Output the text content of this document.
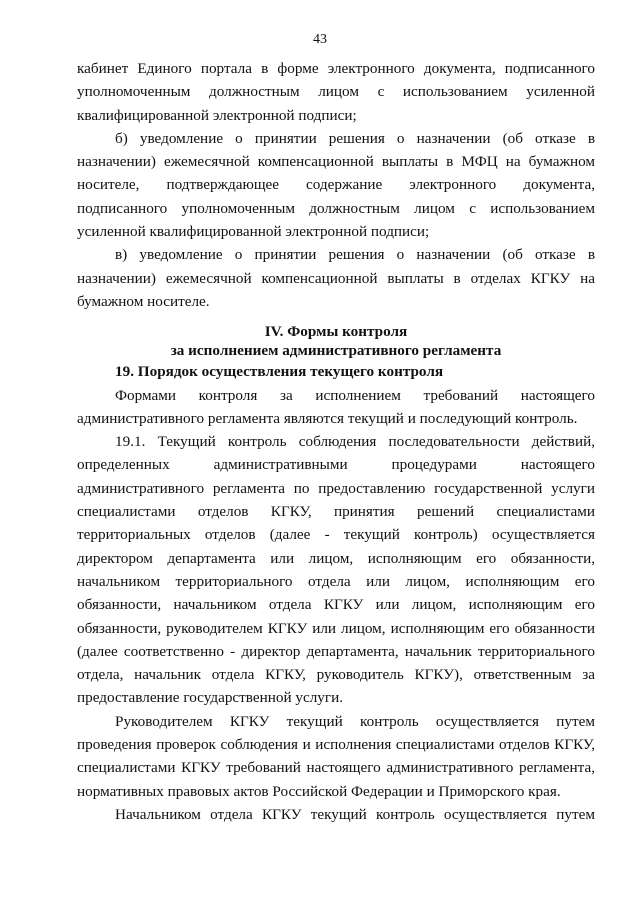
43

кабинет Единого портала в форме электронного документа, подписанного уполномоченным должностным лицом с использованием усиленной квалифицированной электронной подписи;

б) уведомление о принятии решения о назначении (об отказе в назначении) ежемесячной компенсационной выплаты в МФЦ на бумажном носителе, подтверждающее содержание электронного документа, подписанного уполномоченным должностным лицом с использованием усиленной квалифицированной электронной подписи;

в) уведомление о принятии решения о назначении (об отказе в назначении) ежемесячной компенсационной выплаты в отделах КГКУ на бумажном носителе.

IV. Формы контроля
за исполнением административного регламента

19. Порядок осуществления текущего контроля

Формами контроля за исполнением требований настоящего административного регламента являются текущий и последующий контроль.

19.1. Текущий контроль соблюдения последовательности действий, определенных административными процедурами настоящего административного регламента по предоставлению государственной услуги специалистами отделов КГКУ, принятия решений специалистами территориальных отделов (далее - текущий контроль) осуществляется директором департамента или лицом, исполняющим его обязанности, начальником территориального отдела или лицом, исполняющим его обязанности, начальником отдела КГКУ или лицом, исполняющим его обязанности, руководителем КГКУ или лицом, исполняющим его обязанности (далее соответственно - директор департамента, начальник территориального отдела, начальник отдела КГКУ, руководитель КГКУ), ответственным за предоставление государственной услуги.

Руководителем КГКУ текущий контроль осуществляется путем проведения проверок соблюдения и исполнения специалистами отделов КГКУ, специалистами КГКУ требований настоящего административного регламента, нормативных правовых актов Российской Федерации и Приморского края.

Начальником отдела КГКУ текущий контроль осуществляется путем
